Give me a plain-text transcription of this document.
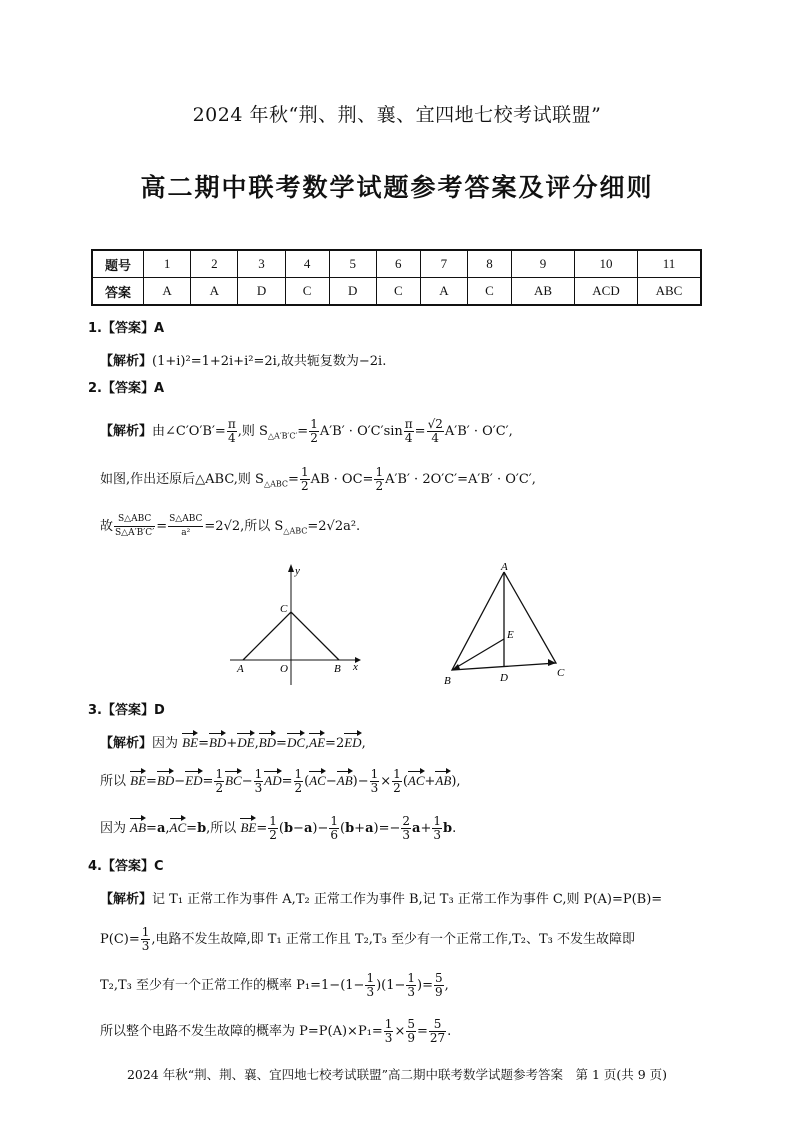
2024 年秋“荆、荆、襄、宜四地七校考试联盟”
高二期中联考数学试题参考答案及评分细则
题号	1	2	3	4	5	6	7	8	9	10	11
答案	A	A	D	C	D	C	A	C	AB	ACD	ABC
1.【答案】A
【解析】(1+i)²=1+2i+i²=2i,故共轭复数为−2i.
2.【答案】A
【解析】由∠C′O′B′= $\frac{\pi}{4}$ ,则 $S_{\triangle A'B'C'}= \frac{1}{2} A'B' \cdot O'C'\sin \frac{\pi}{4} = \frac{√2}{4} A'B' \cdot O'C'$,
如图,作出还原后△ABC,则 $S_{\triangle ABC}= \frac{1}{2}$ AB · $OC= \frac{1}{2} A'B' \cdot 2O'C'=A'B' \cdot O'C'$,
故 $\frac{\text{S△ABC}}{S\triangle A'B'C'} = \frac{\text{S△ABC}}{\text{a²}} =2√2$,所以 $S_{\triangle ABC}=2√2a^2$.
y
x
A	O	B
C
A
B
C
D
E
3.【答案】D
【解析】因为 BE=BD+DE,BD=DC,AE=2ED,
所以 $BE=BD-ED= \frac{1}{2} BC- \frac{1}{3} AD= \frac{1}{2} (AC-AB)- \frac{1}{3} \times \frac{1}{2} (AC+AB)$,
因为 AB=a,AC=b,所以 $BE= \frac{1}{2} (b-a)- \frac{1}{6} (b+a)=- \frac{2}{3} a+ \frac{1}{3} b$.
4.【答案】C
【解析】记 T₁ 正常工作为事件 A,T₂ 正常工作为事件 B,记 T₃ 正常工作为事件 C,则 P(A)=P(B)=
$P(C)= \frac{1}{3}$ ,电路不发生故障,即 T₁ 正常工作且 T₂,T₃ 至少有一个正常工作,T₂、T₃ 不发生故障即
T₂,T₃ 至少有一个正常工作的概率 $P_1=1-(1- \frac{1}{3} )(1- \frac{1}{3}$ )= $\frac{5}{9}$ ,
所以整个电路不发生故障的概率为 $P=P(A)\times P_1= \frac{1}{3} \times \frac{5}{9} = \frac{5}{27}$ .
2024 年秋“荆、荆、襄、宜四地七校考试联盟”高二期中联考数学试题参考答案　第 1 页(共 9 页)
